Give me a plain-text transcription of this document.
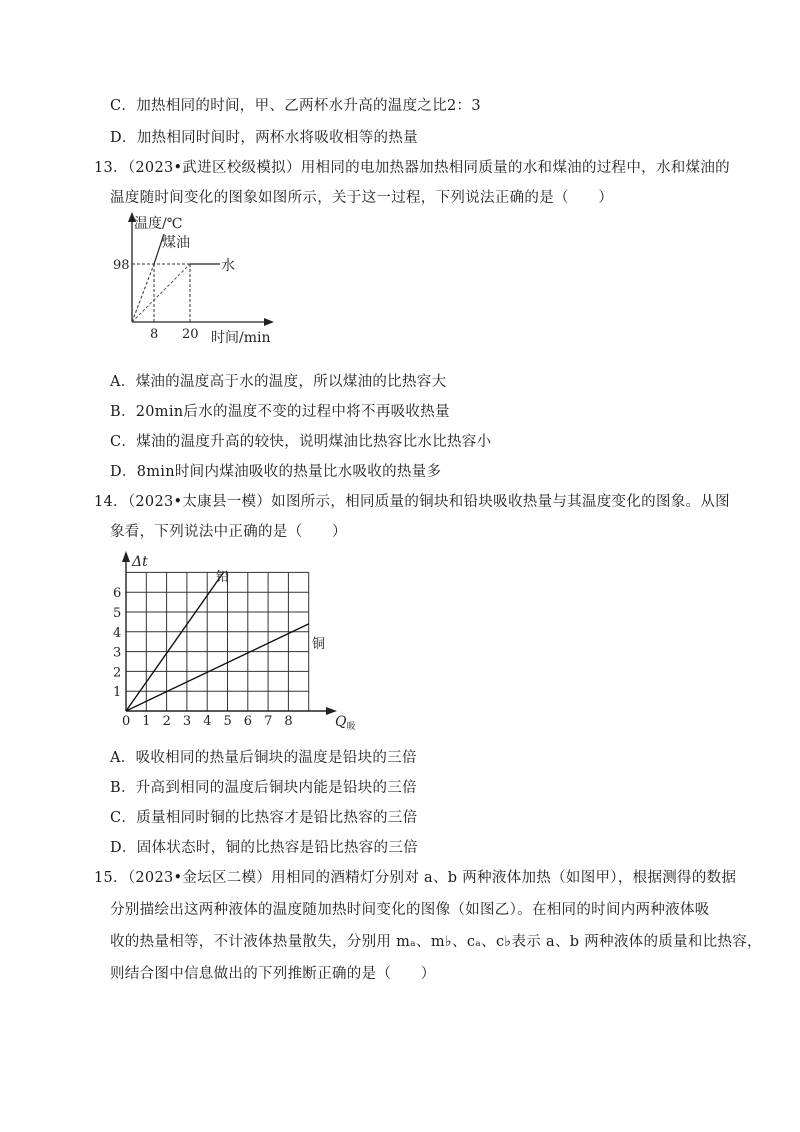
C．加热相同的时间，甲、乙两杯水升高的温度之比2：3
D．加热相同时间时，两杯水将吸收相等的热量
13．（2023•武进区校级模拟）用相同的电加热器加热相同质量的水和煤油的过程中，水和煤油的
温度随时间变化的图象如图所示，关于这一过程，下列说法正确的是（　　）
温度/℃
煤油
水
98
8 20 时间/min
A．煤油的温度高于水的温度，所以煤油的比热容大
B．20min后水的温度不变的过程中将不再吸收热量
C．煤油的温度升高的较快，说明煤油比热容比水比热容小
D．8min时间内煤油吸收的热量比水吸收的热量多
14．（2023•太康县一模）如图所示，相同质量的铜块和铅块吸收热量与其温度变化的图象。从图
象看，下列说法中正确的是（　　）
1 2 3 4 5 6 7 8
1
2
3
4
5
6
Δt
铅
铜
0	$Q_吸$
A．吸收相同的热量后铜块的温度是铅块的三倍
B．升高到相同的温度后铜块内能是铅块的三倍
C．质量相同时铜的比热容才是铅比热容的三倍
D．固体状态时，铜的比热容是铅比热容的三倍
15．（2023•金坛区二模）用相同的酒精灯分别对 a、b 两种液体加热（如图甲），根据测得的数据
分别描绘出这两种液体的温度随加热时间变化的图像（如图乙）。在相同的时间内两种液体吸
收的热量相等，不计液体热量散失，分别用 mₐ、m♭、cₐ、c♭表示 a、b 两种液体的质量和比热容，
则结合图中信息做出的下列推断正确的是（　　）
